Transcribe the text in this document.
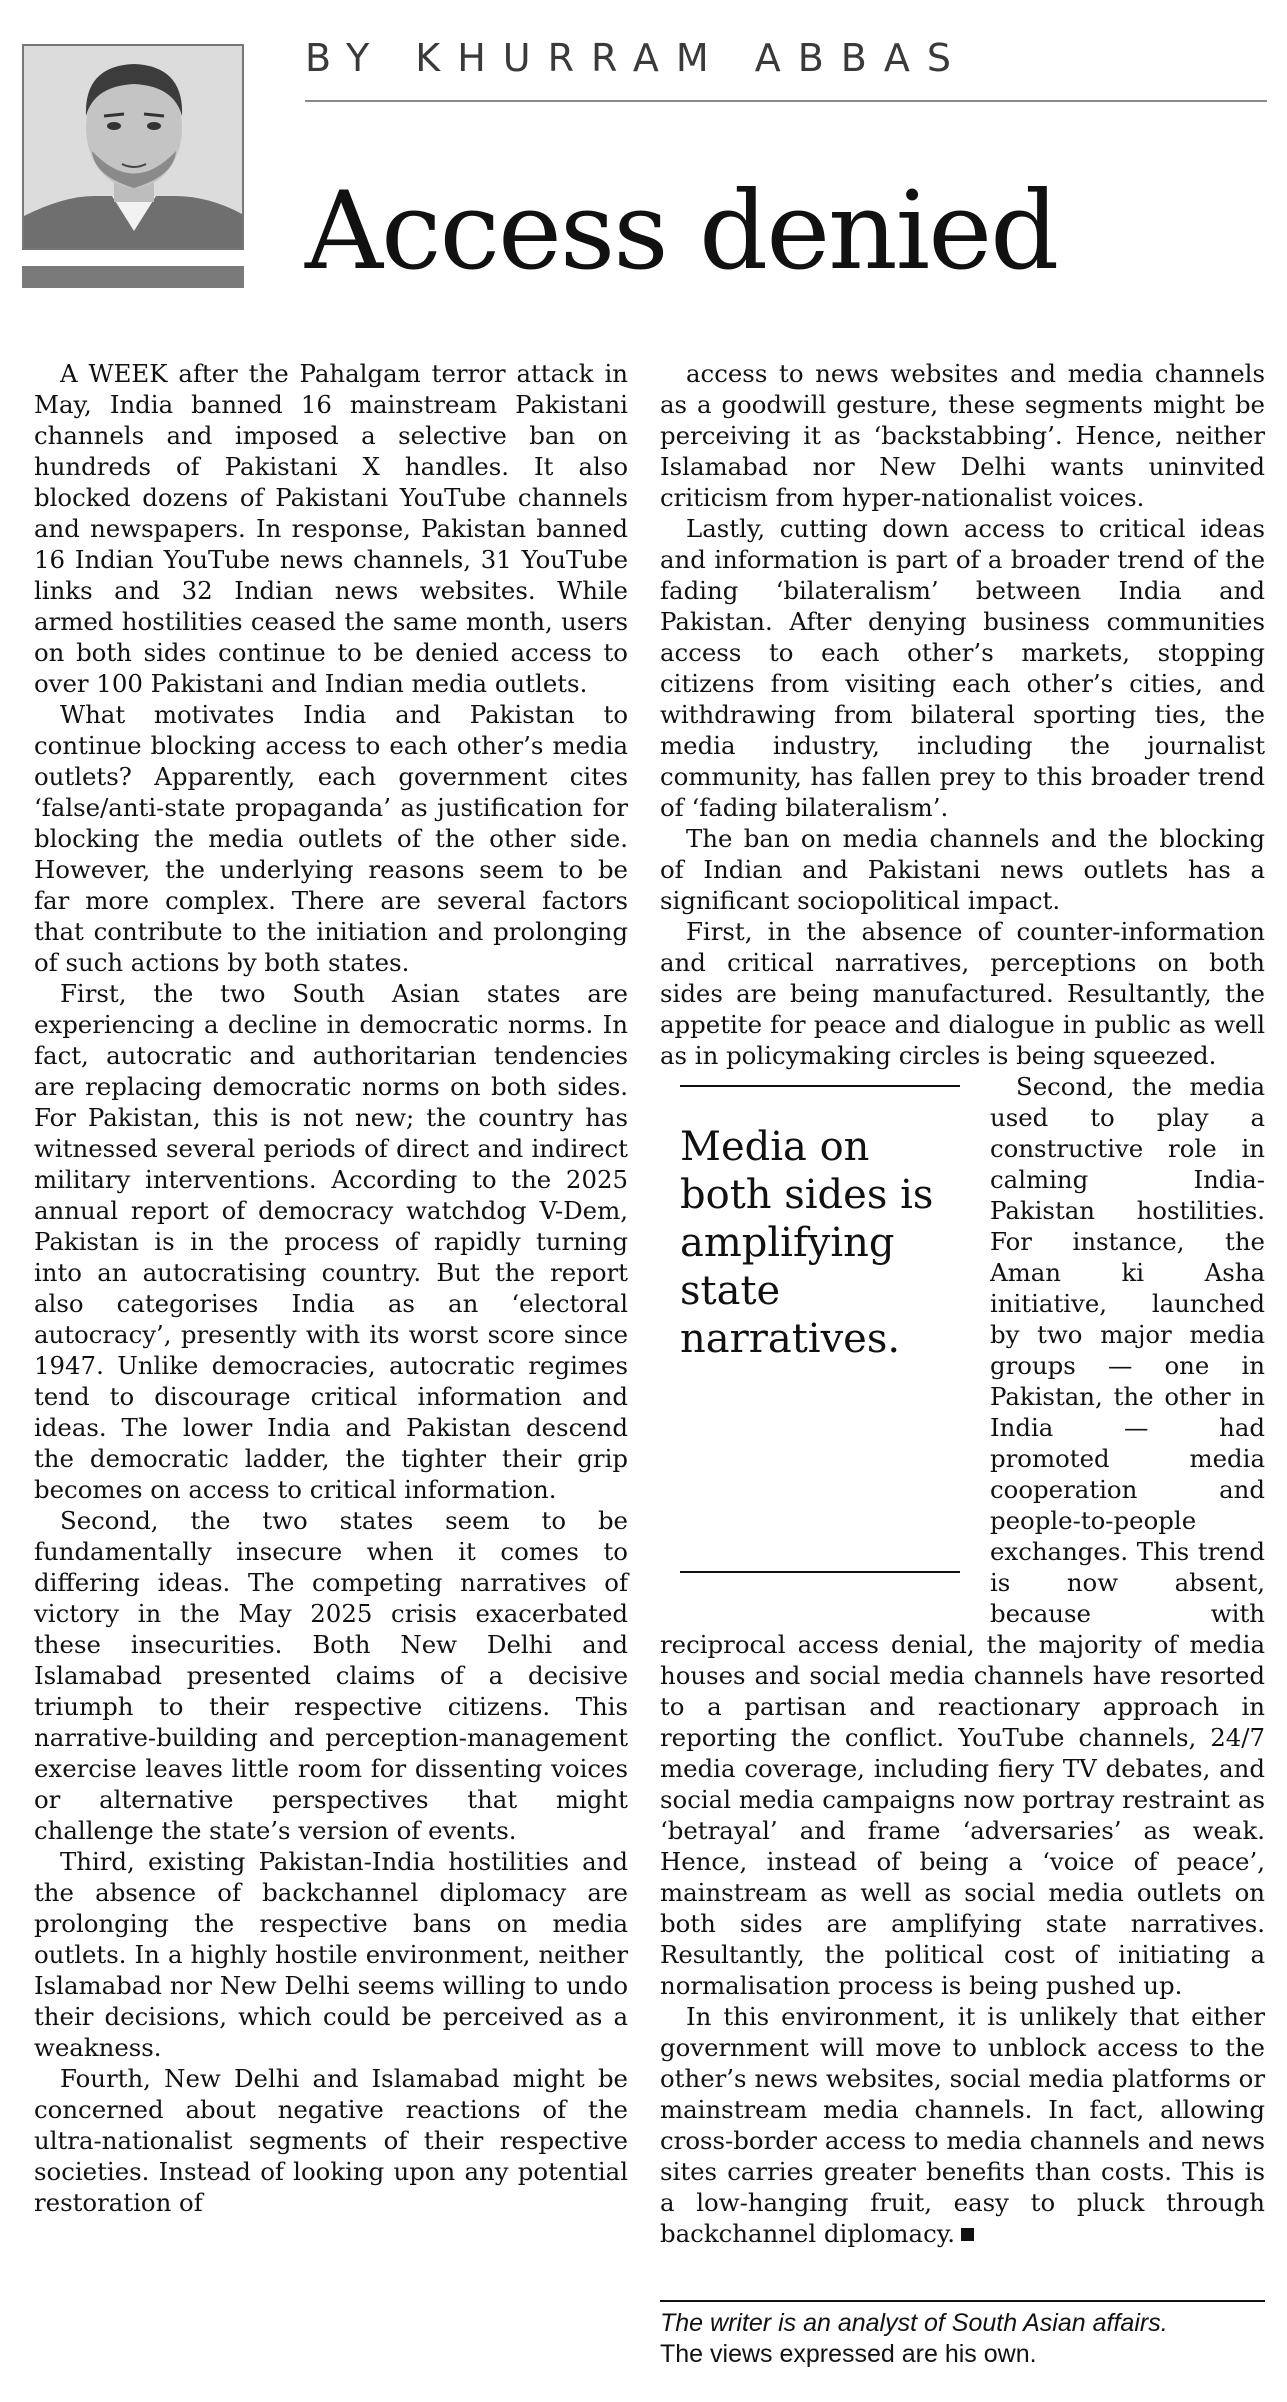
BY KHURRAM ABBAS
Access denied

A WEEK after the Pahalgam terror attack in May, India banned 16 mainstream Pakistani channels and imposed a selective ban on hundreds of Pakistani X handles. It also blocked dozens of Pakistani YouTube channels and newspapers. In response, Pakistan banned 16 Indian YouTube news channels, 31 YouTube links and 32 Indian news websites. While armed hostilities ceased the same month, users on both sides continue to be denied access to over 100 Pakistani and Indian media outlets.

What motivates India and Pakistan to continue blocking access to each other’s media outlets? Apparently, each government cites ‘false/anti-state propaganda’ as justification for blocking the media outlets of the other side. However, the underlying reasons seem to be far more complex. There are several factors that contribute to the initiation and prolonging of such actions by both states.

First, the two South Asian states are experiencing a decline in democratic norms. In fact, autocratic and authoritarian tendencies are replacing democratic norms on both sides. For Pakistan, this is not new; the country has witnessed several periods of direct and indirect military interventions. According to the 2025 annual report of democracy watchdog V-Dem, Pakistan is in the process of rapidly turning into an autocratising country. But the report also categorises India as an ‘electoral autocracy’, presently with its worst score since 1947. Unlike democracies, autocratic regimes tend to discourage critical information and ideas. The lower India and Pakistan descend the democratic ladder, the tighter their grip becomes on access to critical information.

Second, the two states seem to be fundamentally insecure when it comes to differing ideas. The competing narratives of victory in the May 2025 crisis exacerbated these insecurities. Both New Delhi and Islamabad presented claims of a decisive triumph to their respective citizens. This narrative-building and perception-management exercise leaves little room for dissenting voices or alternative perspectives that might challenge the state’s version of events.

Third, existing Pakistan-India hostilities and the absence of backchannel diplomacy are prolonging the respective bans on media outlets. In a highly hostile environment, neither Islamabad nor New Delhi seems willing to undo their decisions, which could be perceived as a weakness.

Fourth, New Delhi and Islamabad might be concerned about negative reactions of the ultra-nationalist segments of their respective societies. Instead of looking upon any potential restoration of

access to news websites and media channels as a goodwill gesture, these segments might be perceiving it as ‘backstabbing’. Hence, neither Islamabad nor New Delhi wants uninvited criticism from hyper-nationalist voices.

Lastly, cutting down access to critical ideas and information is part of a broader trend of the fading ‘bilateralism’ between India and Pakistan. After denying business communities access to each other’s markets, stopping citizens from visiting each other’s cities, and withdrawing from bilateral sporting ties, the media industry, including the journalist community, has fallen prey to this broader trend of ‘fading bilateralism’.

The ban on media channels and the blocking of Indian and Pakistani news outlets has a significant sociopolitical impact.

First, in the absence of counter-information and critical narratives, perceptions on both sides are being manufactured. Resultantly, the appetite for peace and dialogue in public as well as in policymaking circles is being squeezed.

Media on both sides is amplifying state narratives.

Second, the media used to play a constructive role in calming India-Pakistan hostilities. For instance, the Aman ki Asha initiative, launched by two major media groups — one in Pakistan, the other in India — had promoted media cooperation and people-to-people exchanges. This trend is now absent, because with reciprocal access denial, the majority of media houses and social media channels have resorted to a partisan and reactionary approach in reporting the conflict. YouTube channels, 24/7 media coverage, including fiery TV debates, and social media campaigns now portray restraint as ‘betrayal’ and frame ‘adversaries’ as weak. Hence, instead of being a ‘voice of peace’, mainstream as well as social media outlets on both sides are amplifying state narratives. Resultantly, the political cost of initiating a normalisation process is being pushed up.

In this environment, it is unlikely that either government will move to unblock access to the other’s news websites, social media platforms or mainstream media channels. In fact, allowing cross-border access to media channels and news sites carries greater benefits than costs. This is a low-hanging fruit, easy to pluck through backchannel diplomacy.

The writer is an analyst of South Asian affairs.
The views expressed are his own.
